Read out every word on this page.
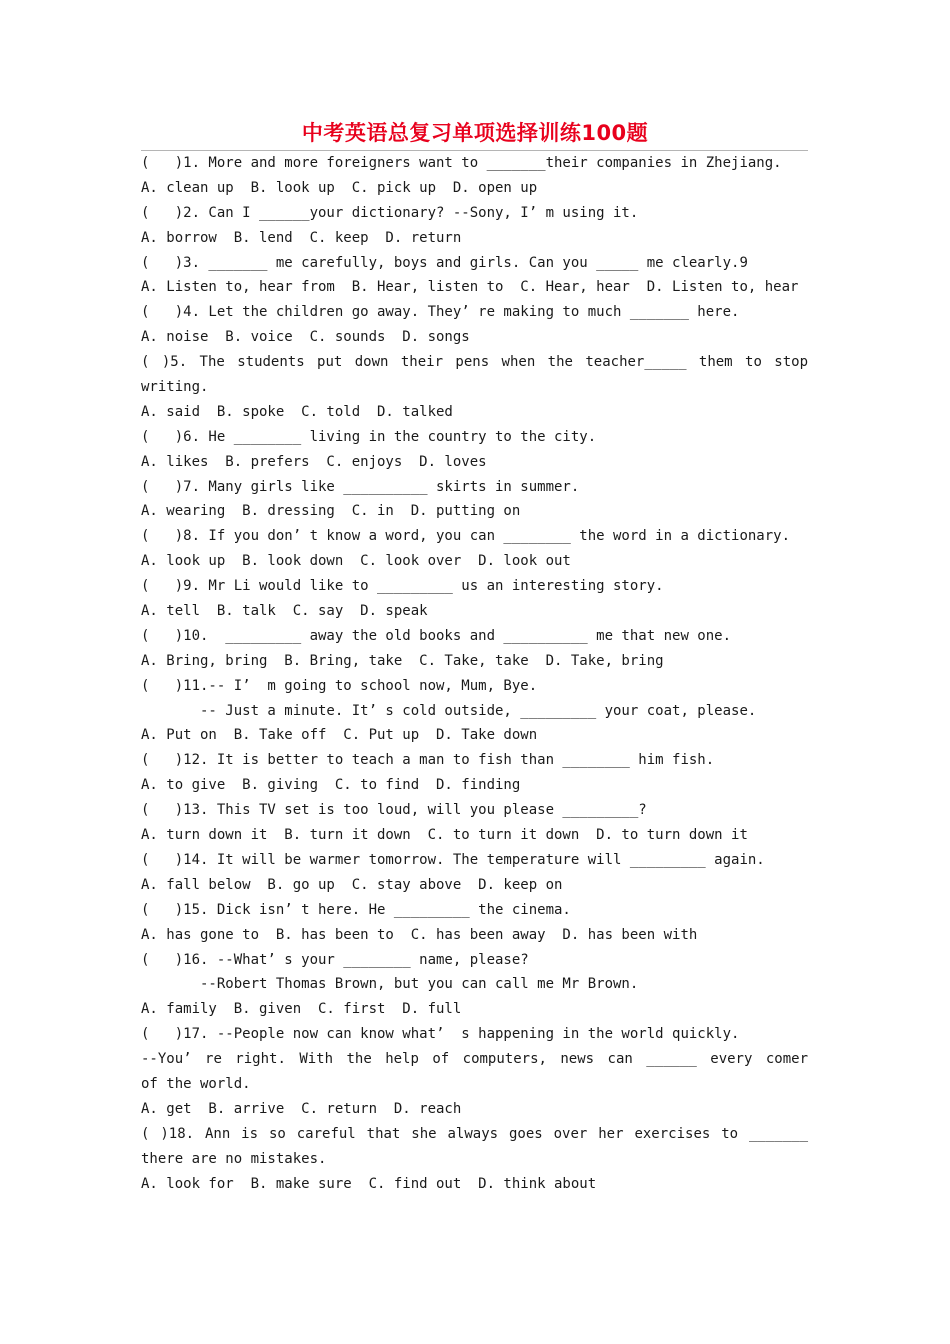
中考英语总复习单项选择训练100题
(   )1. More and more foreigners want to _______their companies in Zhejiang.
A. clean up  B. look up  C. pick up  D. open up
(   )2. Can I ______your dictionary? --Sony, I’ m using it.
A. borrow  B. lend  C. keep  D. return
(   )3. _______ me carefully, boys and girls. Can you _____ me clearly.9
A. Listen to, hear from  B. Hear, listen to  C. Hear, hear  D. Listen to, hear
(   )4. Let the children go away. They’ re making to much _______ here.
A. noise  B. voice  C. sounds  D. songs
( )5. The students put down their pens when the teacher_____ them to stop
writing.
A. said  B. spoke  C. told  D. talked
(   )6. He ________ living in the country to the city.
A. likes  B. prefers  C. enjoys  D. loves
(   )7. Many girls like __________ skirts in summer.
A. wearing  B. dressing  C. in  D. putting on
(   )8. If you don’ t know a word, you can ________ the word in a dictionary.
A. look up  B. look down  C. look over  D. look out
(   )9. Mr Li would like to _________ us an interesting story.
A. tell  B. talk  C. say  D. speak
(   )10.  _________ away the old books and __________ me that new one.
A. Bring, bring  B. Bring, take  C. Take, take  D. Take, bring
(   )11.-- I’  m going to school now, Mum, Bye.
-- Just a minute. It’ s cold outside, _________ your coat, please.
A. Put on  B. Take off  C. Put up  D. Take down
(   )12. It is better to teach a man to fish than ________ him fish.
A. to give  B. giving  C. to find  D. finding
(   )13. This TV set is too loud, will you please _________?
A. turn down it  B. turn it down  C. to turn it down  D. to turn down it
(   )14. It will be warmer tomorrow. The temperature will _________ again.
A. fall below  B. go up  C. stay above  D. keep on
(   )15. Dick isn’ t here. He _________ the cinema.
A. has gone to  B. has been to  C. has been away  D. has been with
(   )16. --What’ s your ________ name, please?
--Robert Thomas Brown, but you can call me Mr Brown.
A. family  B. given  C. first  D. full
(   )17. --People now can know what’  s happening in the world quickly.
--You’ re right. With the help of computers, news can ______ every comer
of the world.
A. get  B. arrive  C. return  D. reach
( )18. Ann is so careful that she always goes over her exercises to _______
there are no mistakes.
A. look for  B. make sure  C. find out  D. think about
